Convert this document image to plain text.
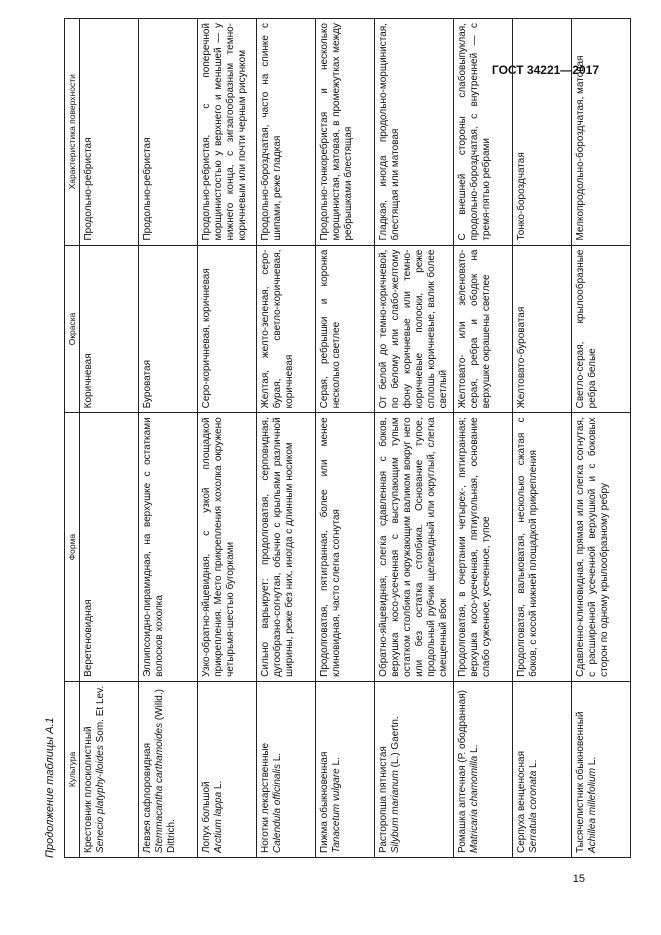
ГОСТ 34221—2017
Продолжение таблицы А.1 Культура	Форма	Окраска	Характеристика поверхности
Крестовник плосколистный
Senecio platyphy-lloides Som. Et Lev.	Веретеновидная	Коричневая	Продольно-ребристая
Левзея сафлоровидная
Stemmacantha carthamoides (Willd.) Dittrich.	Эллипсоидно-пирамидная, на верхушке с остатками волосков хохолка	Буроватая	Продольно-ребристая
Лопух большой
Arctium lappa L.	Узко-обратно-яйцевидная, с узкой площадкой прикрепления. Место прикрепления хохолка окружено четырьмя-шестью бугорками	Серо-коричневая, коричневая	Продольно-ребристая, с поперечной морщинистостью у верхнего и меньшей — у нижнего конца, с зигзагообразным темно-коричневым или почти черным рисунком
Ноготки лекарственные
Calendula officinalis L.	Сильно варьирует: продолговатая, серповидная, дугообразно-согнутая, обычно с крыльями различной ширины, реже без них, иногда с длинным носиком	Желтая, желто-зеленая, серо-бурая, светло-коричневая, коричневая	Продольно-бороздчатая, часто на спинке с шипами, реже гладкая
Пижма обыкновенная
Tanacetum vulgare L.	Продолговатая, пятигранная, более или менее клиновидная, часто слегка согнутая	Серая, ребрышки и коронка несколько светлее	Продольно-тонкоребристая и несколько морщинистая, матовая, в промежутках между ребрышками блестящая
Расторопша пятнистая
Silybum marianum (L.) Gaertn.	Обратно-яйцевидная, слегка сдавленная с боков, верхушка косо-усеченная с выступающим тупым остатком столбика и окружающим валиком вокруг него или без остатка столбика. Основание тупое, продольный рубчик щелевидный или округлый, слегка смещенный вбок	От белой до темно-коричневой, по белому или слабо-желтому фону коричневые или темно-коричневые полоски, реже сплошь коричневые, валик более светлый	Гладкая, иногда продольно-морщинистая, блестящая или матовая
Ромашка аптечная (Р. ободранная)
Matricaria chamomilla L.	Продолговатая, в очертании четырех-, пятигранная; верхушка косо-усеченная, пятиугольная, основание слабо суженное, усеченное, тупое	Желтовато- или зеленовато-серая, ребра и ободок на верхушке окрашены светлее	С внешней стороны слабовыпуклая, продольно-бороздчатая, с внутренней — с тремя-пятью ребрами
Серпуха венценосная
Serratula coronata L.	Продолговатая, вальковатая, несколько сжатая с боков, с косой нижней площадкой прикрепления	Желтовато-буроватая	Тонко-бороздчатая
Тысячелистник обыкновенный
Achillea millefolium L.	Сдавленно-клиновидная, прямая или слегка согнутая, с расширенной усеченной верхушкой и с боковых сторон по одному крылообразному ребру	Светло-серая, крылообразные ребра белые	Мелкопродольно-бороздчатая, матовая
15
